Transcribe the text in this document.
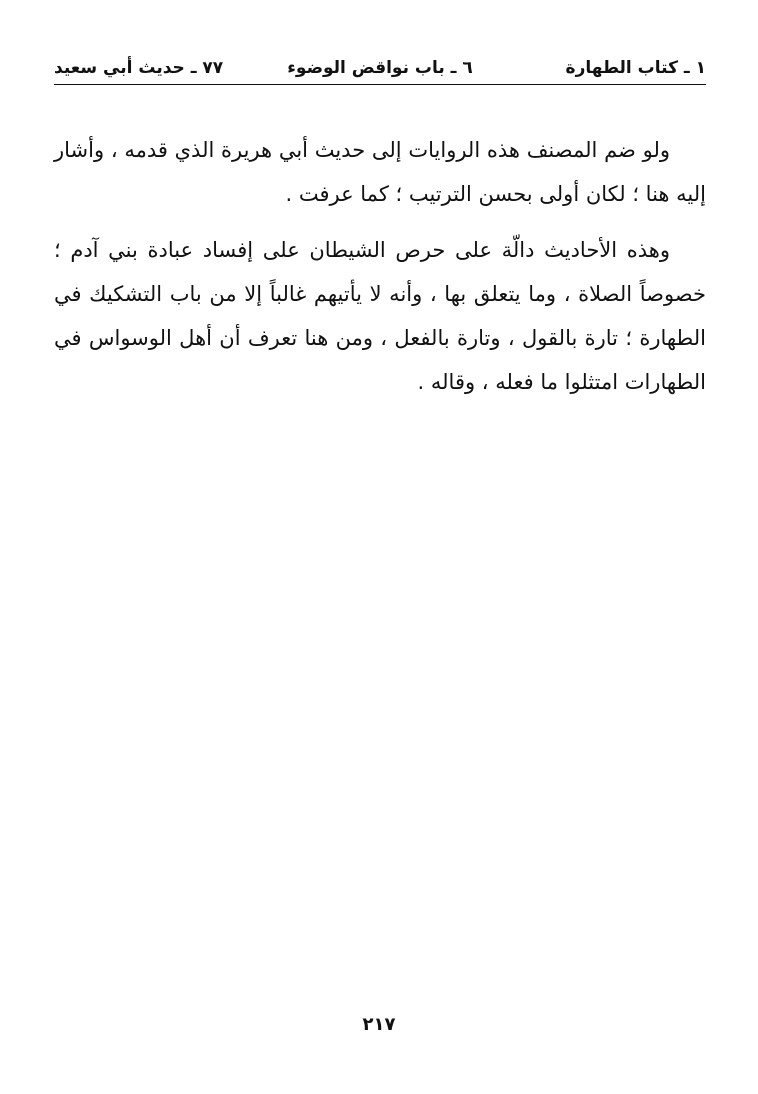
١ ـ كتاب الطهارة
٦ ـ باب نواقض الوضوء
٧٧ ـ حديث أبي سعيد

ولو ضم المصنف هذه الروايات إلى حديث أبي هريرة الذي قدمه ، وأشار إليه هنا ؛ لكان أولى بحسن الترتيب ؛ كما عرفت .

وهذه الأحاديث دالّة على حرص الشيطان على إفساد عبادة بني آدم ؛ خصوصاً الصلاة ، وما يتعلق بها ، وأنه لا يأتيهم غالباً إلا من باب التشكيك في الطهارة ؛ تارة بالقول ، وتارة بالفعل ، ومن هنا تعرف أن أهل الوسواس في الطهارات امتثلوا ما فعله ، وقاله .

٢١٧
